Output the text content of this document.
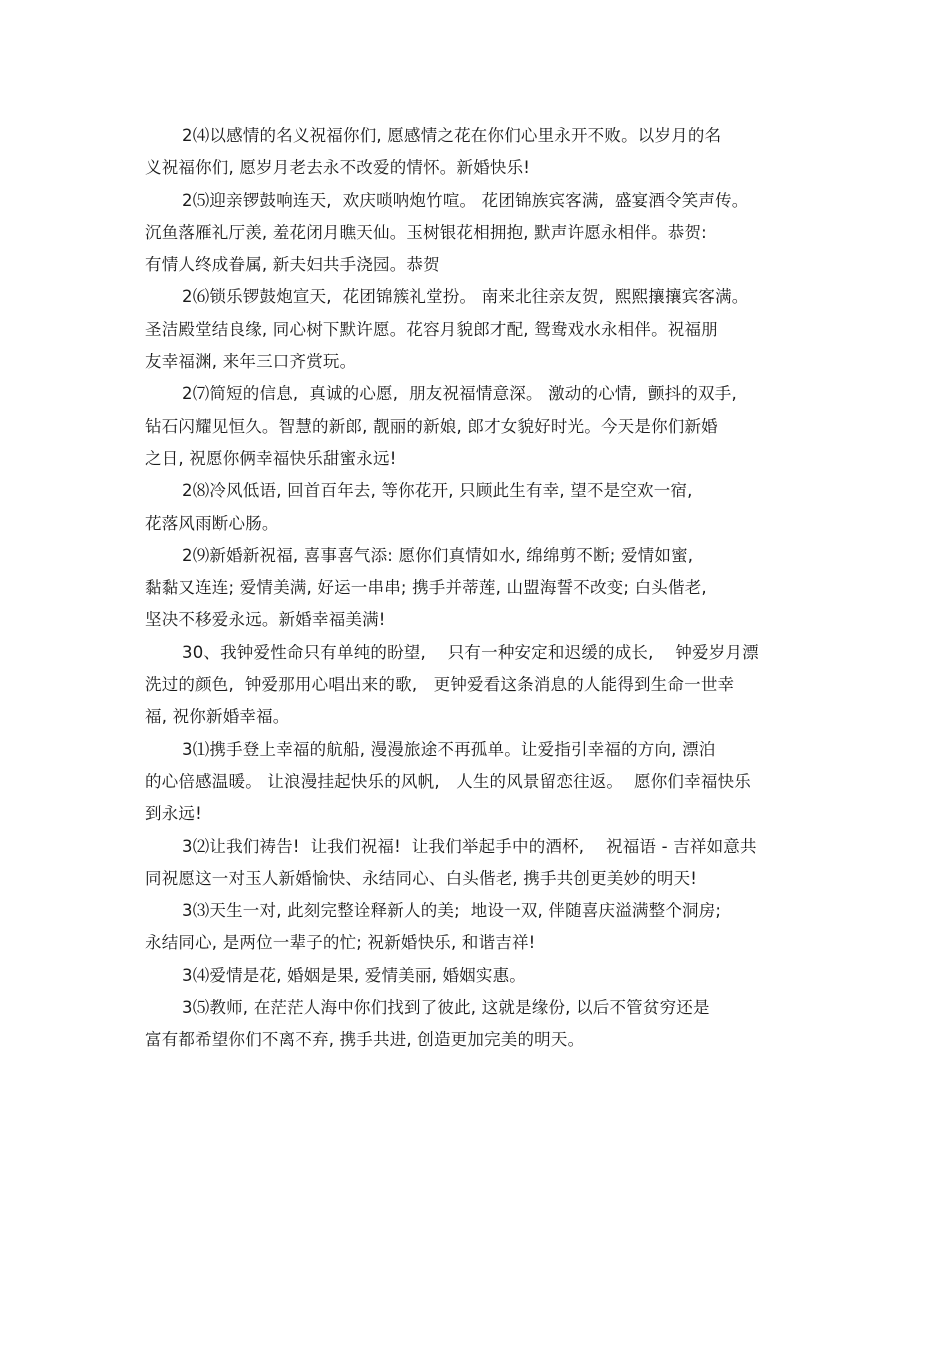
2⑷以感情的名义祝福你们, 愿感情之花在你们心里永开不败。以岁月的名
义祝福你们, 愿岁月老去永不改爱的情怀。新婚快乐!
2⑸迎亲锣鼓响连天,  欢庆唢呐炮竹喧。 花团锦族宾客满,  盛宴酒令笑声传。
沉鱼落雁礼厅羡, 羞花闭月瞧天仙。玉树银花相拥抱, 默声许愿永相伴。恭贺:
有情人终成眷属, 新夫妇共手浇园。恭贺
2⑹锁乐锣鼓炮宣天,  花团锦簇礼堂扮。 南来北往亲友贺,  熙熙攘攘宾客满。
圣洁殿堂结良缘, 同心树下默许愿。花容月貌郎才配, 鸳鸯戏水永相伴。祝福朋
友幸福渊, 来年三口齐赏玩。
2⑺简短的信息,  真诚的心愿,  朋友祝福情意深。 激动的心情,  颤抖的双手,
钻石闪耀见恒久。智慧的新郎, 靓丽的新娘, 郎才女貌好时光。今天是你们新婚
之日, 祝愿你俩幸福快乐甜蜜永远!
2⑻冷风低语, 回首百年去, 等你花开, 只顾此生有幸, 望不是空欢一宿,
花落风雨断心肠。
2⑼新婚新祝福, 喜事喜气添: 愿你们真情如水, 绵绵剪不断; 爱情如蜜,
黏黏又连连; 爱情美满, 好运一串串; 携手并蒂莲, 山盟海誓不改变; 白头偕老,
坚决不移爱永远。新婚幸福美满!
30、我钟爱性命只有单纯的盼望,    只有一种安定和迟缓的成长,    钟爱岁月漂
洗过的颜色,  钟爱那用心唱出来的歌,   更钟爱看这条消息的人能得到生命一世幸
福, 祝你新婚幸福。
3⑴携手登上幸福的航船, 漫漫旅途不再孤单。让爱指引幸福的方向, 漂泊
的心倍感温暖。 让浪漫挂起快乐的风帆,   人生的风景留恋往返。  愿你们幸福快乐
到永远!
3⑵让我们祷告!  让我们祝福!  让我们举起手中的酒杯,    祝福语 - 吉祥如意共
同祝愿这一对玉人新婚愉快、永结同心、白头偕老, 携手共创更美妙的明天!
3⑶天生一对, 此刻完整诠释新人的美;  地设一双, 伴随喜庆溢满整个洞房;
永结同心, 是两位一辈子的忙; 祝新婚快乐, 和谐吉祥!
3⑷爱情是花, 婚姻是果, 爱情美丽, 婚姻实惠。
3⑸教师, 在茫茫人海中你们找到了彼此, 这就是缘份, 以后不管贫穷还是
富有都希望你们不离不弃, 携手共进, 创造更加完美的明天。
